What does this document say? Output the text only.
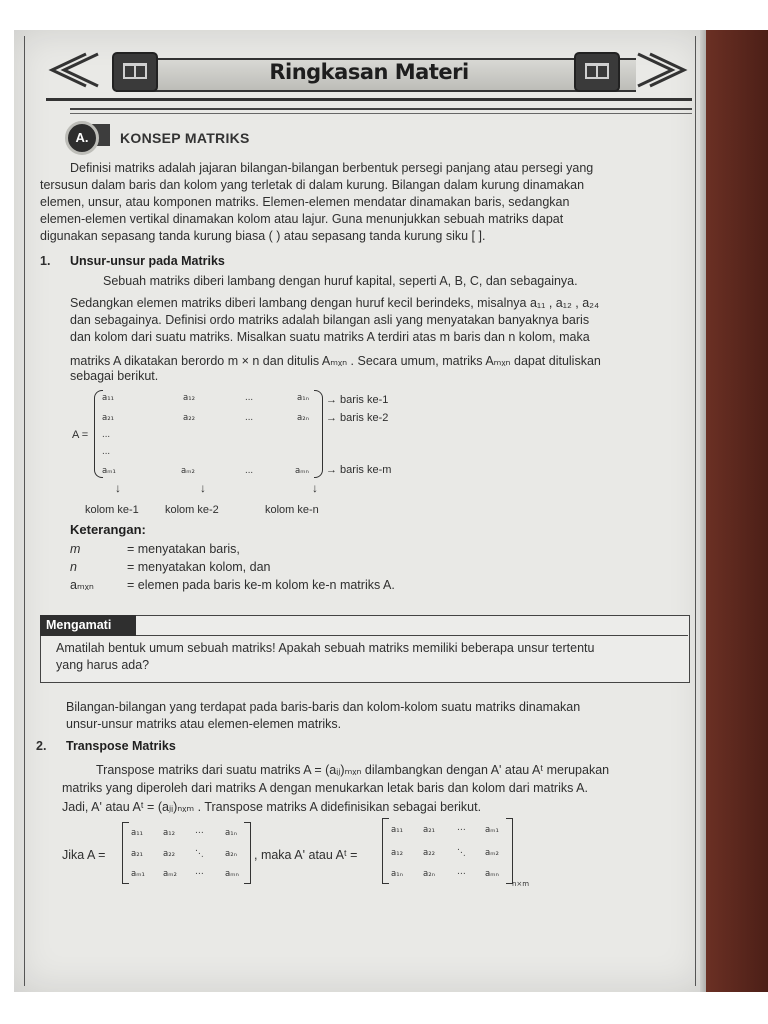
Ringkasan Materi
A.	KONSEP MATRIKS
Definisi matriks adalah jajaran bilangan-bilangan berbentuk persegi panjang atau persegi yang
tersusun dalam baris dan kolom yang terletak di dalam kurung. Bilangan dalam kurung dinamakan
elemen, unsur, atau komponen matriks. Elemen-elemen mendatar dinamakan baris, sedangkan
elemen-elemen vertikal dinamakan kolom atau lajur. Guna menunjukkan sebuah matriks dapat
digunakan sepasang tanda kurung biasa ( ) atau sepasang tanda kurung siku [ ].
1. Unsur-unsur pada Matriks
Sebuah matriks diberi lambang dengan huruf kapital, seperti A, B, C, dan sebagainya.
Sedangkan elemen matriks diberi lambang dengan huruf kecil berindeks, misalnya a₁₁ , a₁₂ , a₂₄
dan sebagainya. Definisi ordo matriks adalah bilangan asli yang menyatakan banyaknya baris
dan kolom dari suatu matriks. Misalkan suatu matriks A terdiri atas m baris dan n kolom, maka
matriks A dikatakan berordo m × n dan ditulis Aₘₓₙ . Secara umum, matriks Aₘₓₙ dapat dituliskan
sebagai berikut.
A =
a₁₁	a₁₂	...	a₁ₙ
a₂₁	a₂₂	...	a₂ₙ
...
...
aₘ₁	aₘ₂	...	aₘₙ
→ baris ke-1
→ baris ke-2
→ baris ke-m
↓	↓	↓
kolom ke-1 kolom ke-2	kolom ke-n
Keterangan:
m	= menyatakan baris,
n	= menyatakan kolom, dan
aₘₓₙ	= elemen pada baris ke-m kolom ke-n matriks A.
Mengamati
Amatilah bentuk umum sebuah matriks! Apakah sebuah matriks memiliki beberapa unsur tertentu
yang harus ada?
Bilangan-bilangan yang terdapat pada baris-baris dan kolom-kolom suatu matriks dinamakan
unsur-unsur matriks atau elemen-elemen matriks.
2. Transpose Matriks
Transpose matriks dari suatu matriks A = (aᵢⱼ)ₘₓₙ dilambangkan dengan A' atau Aᵗ merupakan
matriks yang diperoleh dari matriks A dengan menukarkan letak baris dan kolom dari matriks A.
Jadi, A' atau Aᵗ = (aⱼᵢ)ₙₓₘ . Transpose matriks A didefinisikan sebagai berikut.
Jika A =
a₁₁ a₁₂ ⋯	a₁ₙ
a₂₁ a₂₂ ⋱	a₂ₙ
aₘ₁ aₘ₂ ⋯	aₘₙ
, maka A' atau Aᵗ =
a₁₁ a₂₁	⋯ aₘ₁
a₁₂ a₂₂	⋱ aₘ₂
a₁ₙ a₂ₙ	⋯ aₘₙ
n×m
